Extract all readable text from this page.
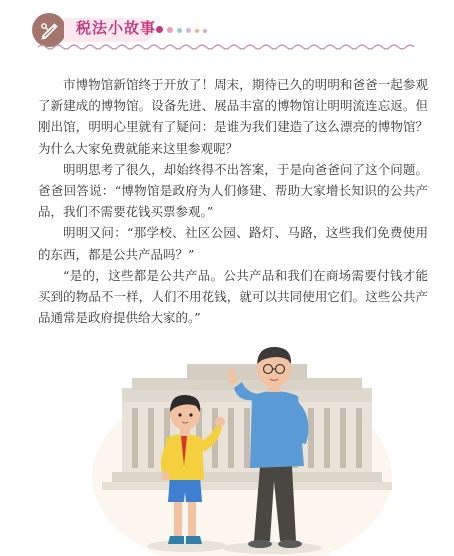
税法小故事

市博物馆新馆终于开放了！周末，期待已久的明明和爸爸一起参观了新建成的博物馆。设备先进、展品丰富的博物馆让明明流连忘返。但刚出馆，明明心里就有了疑问：是谁为我们建造了这么漂亮的博物馆？为什么大家免费就能来这里参观呢？

明明思考了很久，却始终得不出答案，于是向爸爸问了这个问题。爸爸回答说：“博物馆是政府为人们修建、帮助大家增长知识的公共产品，我们不需要花钱买票参观。”

明明又问：“那学校、社区公园、路灯、马路，这些我们免费使用的东西，都是公共产品吗？”

“是的，这些都是公共产品。公共产品和我们在商场需要付钱才能买到的物品不一样，人们不用花钱，就可以共同使用它们。这些公共产品通常是政府提供给大家的。”
